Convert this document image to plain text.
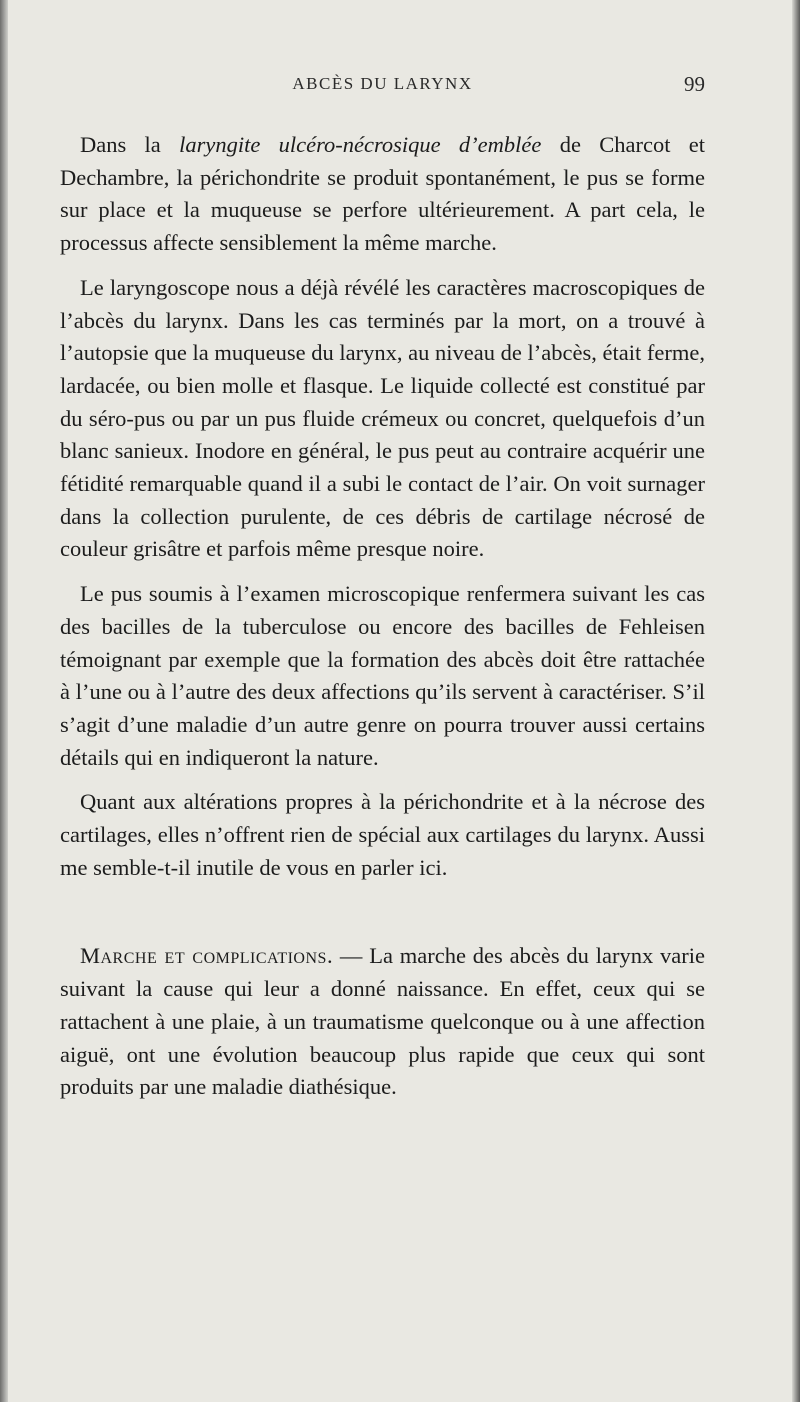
ABCÈS DU LARYNX	99

Dans la laryngite ulcéro-nécrosique d’emblée de Charcot et Dechambre, la périchondrite se produit spontanément, le pus se forme sur place et la muqueuse se perfore ultérieurement. A part cela, le processus affecte sensiblement la même marche.

Le laryngoscope nous a déjà révélé les caractères macroscopiques de l’abcès du larynx. Dans les cas terminés par la mort, on a trouvé à l’autopsie que la muqueuse du larynx, au niveau de l’abcès, était ferme, lardacée, ou bien molle et flasque. Le liquide collecté est constitué par du séro-pus ou par un pus fluide crémeux ou concret, quelquefois d’un blanc sanieux. Inodore en général, le pus peut au contraire acquérir une fétidité remarquable quand il a subi le contact de l’air. On voit surnager dans la collection purulente, de ces débris de cartilage nécrosé de couleur grisâtre et parfois même presque noire.

Le pus soumis à l’examen microscopique renfermera suivant les cas des bacilles de la tuberculose ou encore des bacilles de Fehleisen témoignant par exemple que la formation des abcès doit être rattachée à l’une ou à l’autre des deux affections qu’ils servent à caractériser. S’il s’agit d’une maladie d’un autre genre on pourra trouver aussi certains détails qui en indiqueront la nature.

Quant aux altérations propres à la périchondrite et à la nécrose des cartilages, elles n’offrent rien de spécial aux cartilages du larynx. Aussi me semble-t-il inutile de vous en parler ici.

Marche et complications. — La marche des abcès du larynx varie suivant la cause qui leur a donné naissance. En effet, ceux qui se rattachent à une plaie, à un traumatisme quelconque ou à une affection aiguë, ont une évolution beaucoup plus rapide que ceux qui sont produits par une maladie diathésique.
